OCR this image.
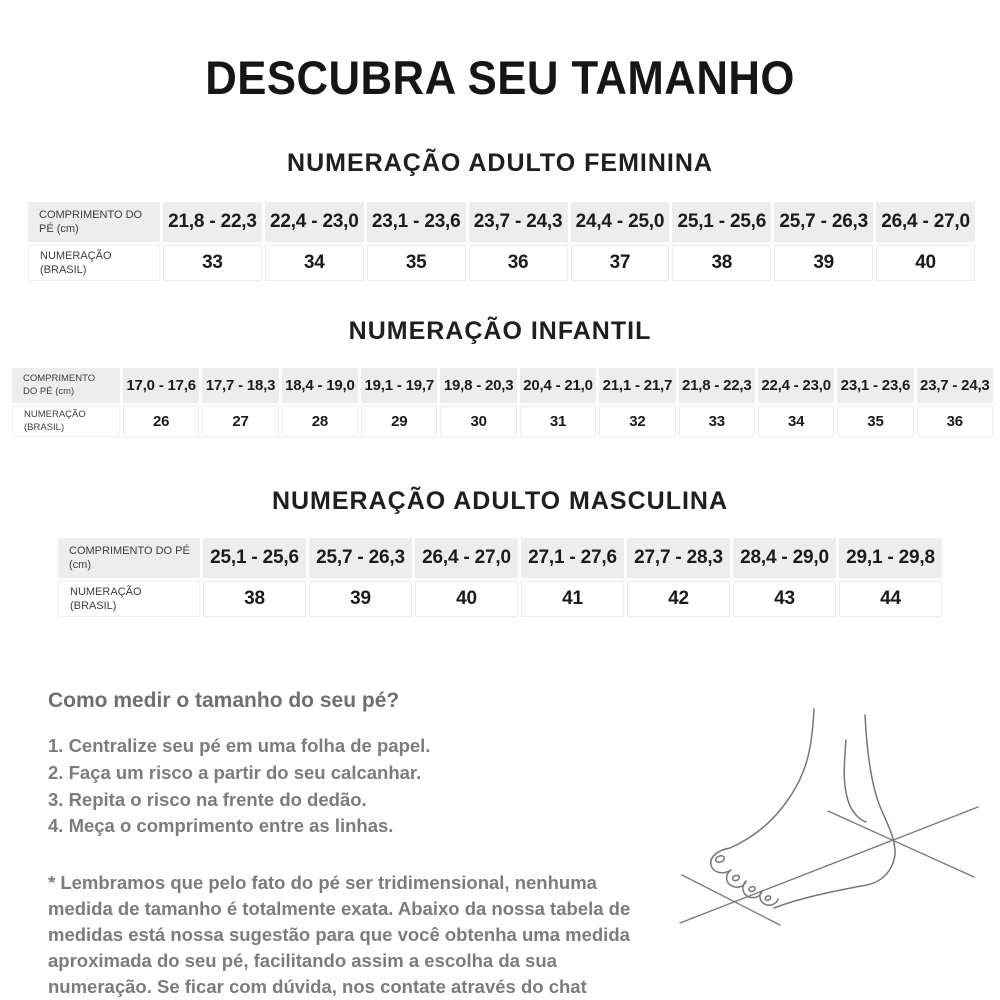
DESCUBRA SEU TAMANHO
NUMERAÇÃO ADULTO FEMININA
COMPRIMENTO DO PÉ (cm)	21,8 - 22,3 22,4 - 23,0 23,1 - 23,6 23,7 - 24,3 24,4 - 25,0 25,1 - 25,6 25,7 - 26,3 26,4 - 27,0
NUMERAÇÃO (BRASIL)	33	34	35	36	37	38	39	40
NUMERAÇÃO INFANTIL
COMPRIMENTO DO PÉ (cm)	17,0 - 17,6 17,7 - 18,3 18,4 - 19,0 19,1 - 19,7 19,8 - 20,3 20,4 - 21,0 21,1 - 21,7 21,8 - 22,3 22,4 - 23,0 23,1 - 23,6 23,7 - 24,3
NUMERAÇÃO (BRASIL)	26	27	28	29	30	31	32	33	34	35	36
NUMERAÇÃO ADULTO MASCULINA
COMPRIMENTO DO PÉ (cm)	25,1 - 25,6 25,7 - 26,3 26,4 - 27,0 27,1 - 27,6 27,7 - 28,3 28,4 - 29,0 29,1 - 29,8
NUMERAÇÃO (BRASIL)	38	39	40	41	42	43	44
Como medir o tamanho do seu pé?
1. Centralize seu pé em uma folha de papel.
2. Faça um risco a partir do seu calcanhar.
3. Repita o risco na frente do dedão.
4. Meça o comprimento entre as linhas.
* Lembramos que pelo fato do pé ser tridimensional, nenhuma medida de tamanho é totalmente exata. Abaixo da nossa tabela de medidas está nossa sugestão para que você obtenha uma medida aproximada do seu pé, facilitando assim a escolha da sua numeração. Se ficar com dúvida, nos contate através do chat
